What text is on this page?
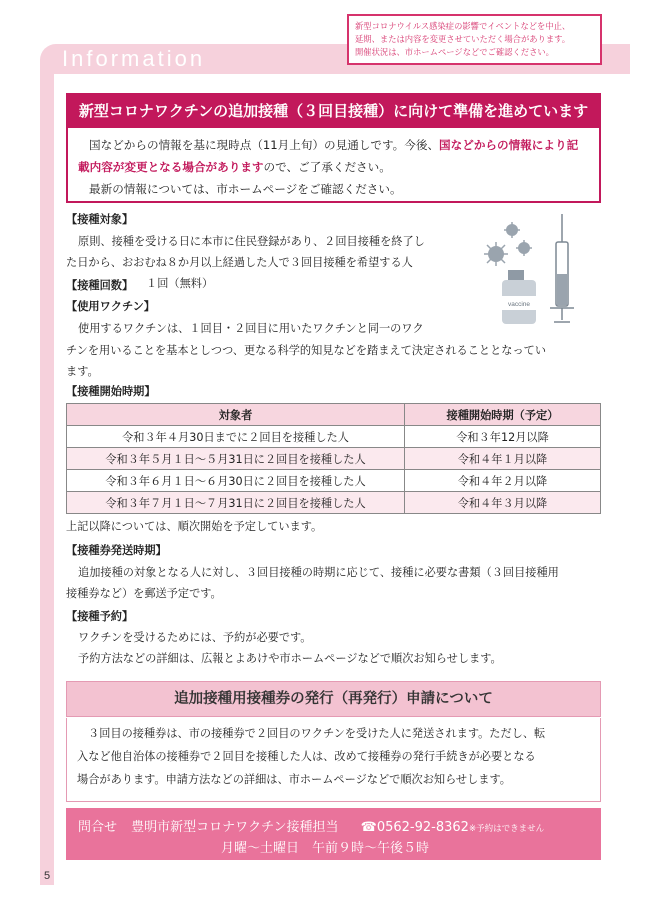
Information

新型コロナウイルス感染症の影響でイベントなどを中止、

延期、または内容を変更させていただく場合があります。

開催状況は、市ホームページなどでご確認ください。

新型コロナワクチンの追加接種（３回目接種）に向けて準備を進めています
国などからの情報を基に現時点（11月上旬）の見通しです。今後、国などからの情報により記
載内容が変更となる場合がありますので、ご了承ください。
最新の情報については、市ホームページをご確認ください。
【接種対象】
原則、接種を受ける日に本市に住民登録があり、２回目接種を終了し
た日から、おおむね８か月以上経過した人で３回目接種を希望する人
【接種回数】 １回（無料）
【使用ワクチン】
使用するワクチンは、１回目・２回目に用いたワクチンと同一のワク
チンを用いることを基本としつつ、更なる科学的知見などを踏まえて決定されることとなってい
ます。
vaccine
【接種開始時期】
対象者	接種開始時期（予定）
令和３年４月30日までに２回目を接種した人	令和３年12月以降
令和３年５月１日～５月31日に２回目を接種した人	令和４年１月以降
令和３年６月１日～６月30日に２回目を接種した人	令和４年２月以降
令和３年７月１日～７月31日に２回目を接種した人	令和４年３月以降
上記以降については、順次開始を予定しています。
【接種券発送時期】
追加接種の対象となる人に対し、３回目接種の時期に応じて、接種に必要な書類（３回目接種用
接種券など）を郵送予定です。
【接種予約】
ワクチンを受けるためには、予約が必要です。
予約方法などの詳細は、広報とよあけや市ホームページなどで順次お知らせします。
追加接種用接種券の発行（再発行）申請について
３回目の接種券は、市の接種券で２回目のワクチンを受けた人に発送されます。ただし、転
入など他自治体の接種券で２回目を接種した人は、改めて接種券の発行手続きが必要となる
場合があります。申請方法などの詳細は、市ホームページなどで順次お知らせします。
問合せ 豊明市新型コロナワクチン接種担当 ☎0562-92-8362※予約はできません
月曜～土曜日　午前９時～午後５時
5
